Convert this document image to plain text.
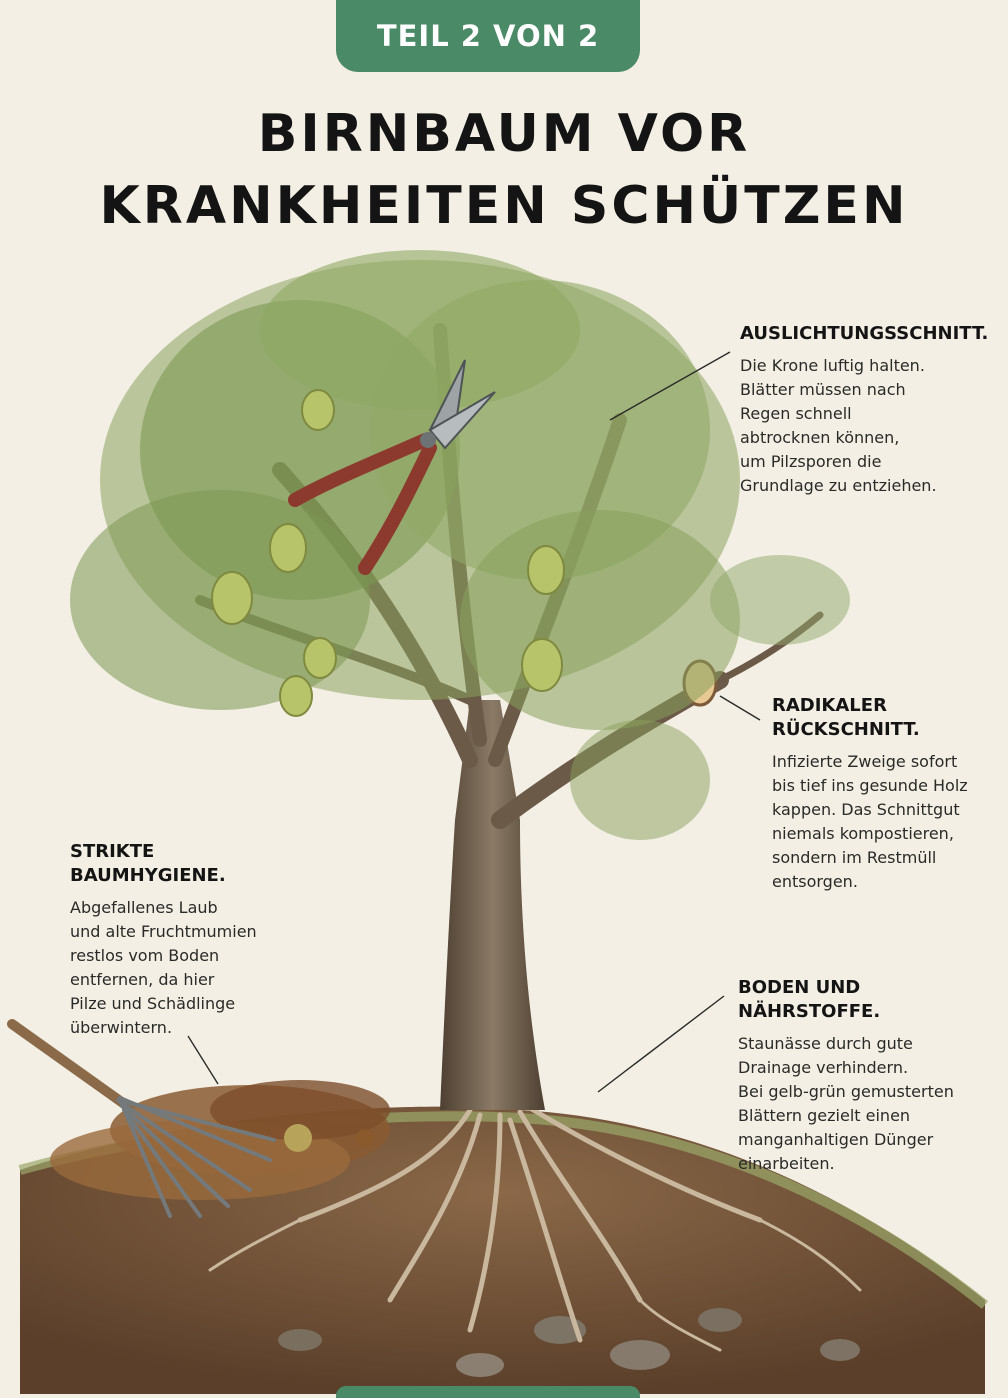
TEIL 2 VON 2
BIRNBAUM VOR
KRANKHEITEN SCHÜTZEN
AUSLICHTUNGSSCHNITT.

Die Krone luftig halten.
Blätter müssen nach
Regen schnell
abtrocknen können,
um Pilzsporen die
Grundlage zu entziehen.

RADIKALER
RÜCKSCHNITT.

Infizierte Zweige sofort
bis tief ins gesunde Holz
kappen. Das Schnittgut
niemals kompostieren,
sondern im Restmüll
entsorgen.

STRIKTE
BAUMHYGIENE.

Abgefallenes Laub
und alte Fruchtmumien
restlos vom Boden
entfernen, da hier
Pilze und Schädlinge
überwintern.

BODEN UND
NÄHRSTOFFE.

Staunässe durch gute
Drainage verhindern.
Bei gelb-grün gemusterten
Blättern gezielt einen
manganhaltigen Dünger
einarbeiten.
